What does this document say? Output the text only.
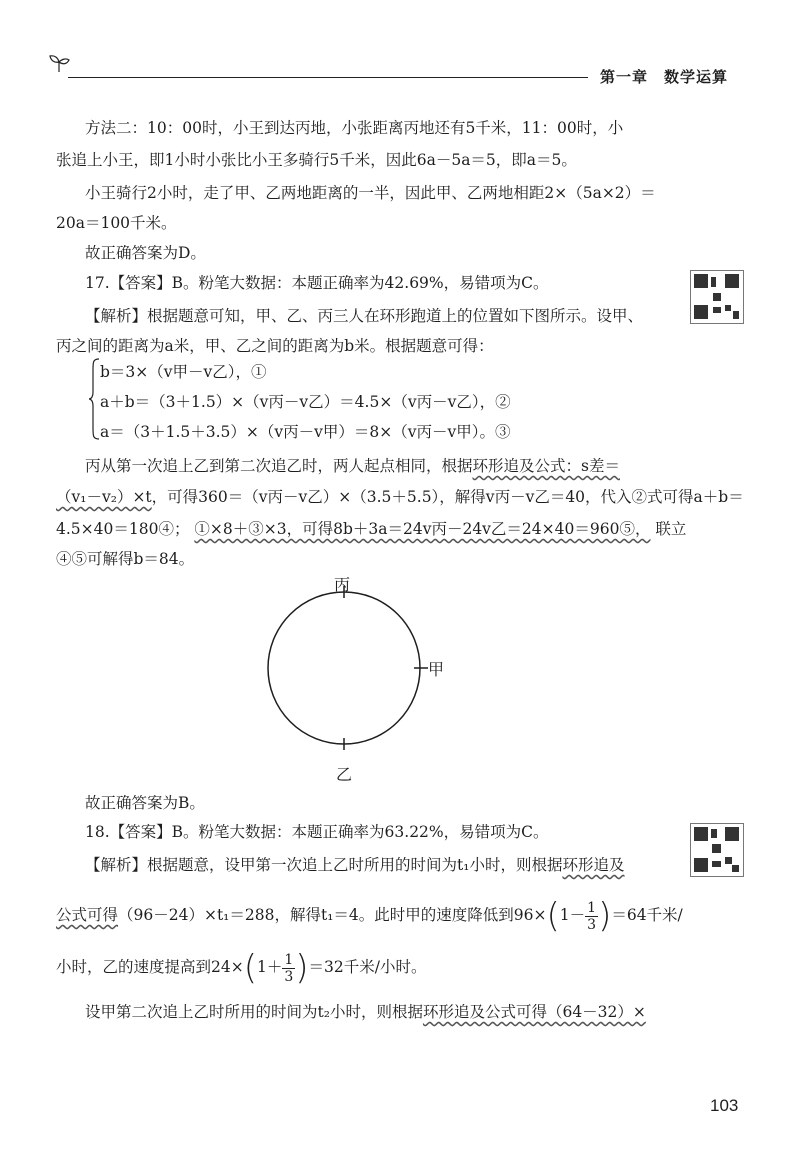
第一章　数学运算
方法二：10：00时，小王到达丙地，小张距离丙地还有5千米，11：00时，小
张追上小王，即1小时小张比小王多骑行5千米，因此6a－5a＝5，即a＝5。
小王骑行2小时，走了甲、乙两地距离的一半，因此甲、乙两地相距2×（5a×2）＝
20a＝100千米。
故正确答案为D。
17.【答案】B。粉笔大数据：本题正确率为42.69%，易错项为C。
【解析】根据题意可知，甲、乙、丙三人在环形跑道上的位置如下图所示。设甲、
丙之间的距离为a米，甲、乙之间的距离为b米。根据题意可得：
b＝3×（v甲－v乙），①
a＋b＝（3＋1.5）×（v丙－v乙）＝4.5×（v丙－v乙），②
a＝（3＋1.5＋3.5）×（v丙－v甲）＝8×（v丙－v甲）。③
丙从第一次追上乙到第二次追乙时，两人起点相同，根据环形追及公式：s差＝
（v₁－v₂）×t，可得360＝（v丙－v乙）×（3.5＋5.5），解得v丙－v乙＝40，代入②式可得a＋b＝
4.5×40＝180④； ①×8＋③×3，可得8b＋3a＝24v丙－24v乙＝24×40＝960⑤， 联立
④⑤可解得b＝84。
丙
甲
乙
故正确答案为B。
18.【答案】B。粉笔大数据：本题正确率为63.22%，易错项为C。
【解析】根据题意，设甲第一次追上乙时所用的时间为t₁小时，则根据环形追及
公式可得（96－24）×t₁＝288，解得t₁＝4。此时甲的速度降低到$96\times(1- \frac{1}{3} )=64$千米/
小时，乙的速度提高到$24\times(1+ \frac{1}{3} )=32$千米/小时。
设甲第二次追上乙时所用的时间为t₂小时，则根据环形追及公式可得（64－32）×
103
